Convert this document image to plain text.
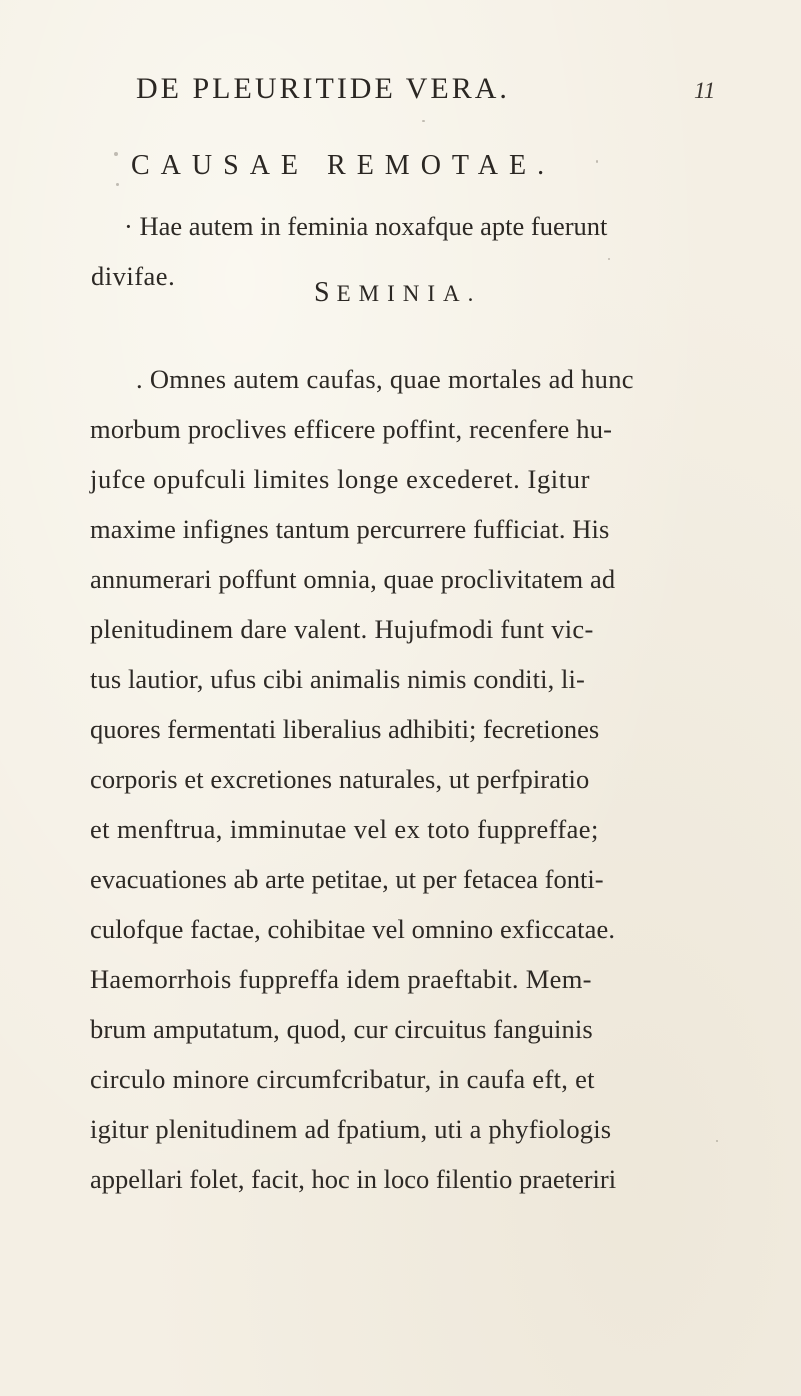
DE PLEURITIDE VERA.	11
CAUSAE REMOTAE.
· Hae autem in feminia noxafque apte fuerunt
divifae.
SEMINIA.
. Omnes autem caufas, quae mortales ad hunc
morbum proclives efficere poffint, recenfere hu-
jufce opufculi limites longe excederet. Igitur
maxime infignes tantum percurrere fufficiat. His
annumerari poffunt omnia, quae proclivitatem ad
plenitudinem dare valent. Hujufmodi funt vic-
tus lautior, ufus cibi animalis nimis conditi, li-
quores fermentati liberalius adhibiti; fecretiones
corporis et excretiones naturales, ut perfpiratio
et menftrua, imminutae vel ex toto fuppreffae;
evacuationes ab arte petitae, ut per fetacea fonti-
culofque factae, cohibitae vel omnino exficcatae.
Haemorrhois fuppreffa idem praeftabit. Mem-
brum amputatum, quod, cur circuitus fanguinis
circulo minore circumfcribatur, in caufa eft, et
igitur plenitudinem ad fpatium, uti a phyfiologis
appellari folet, facit, hoc in loco filentio praeteriri
